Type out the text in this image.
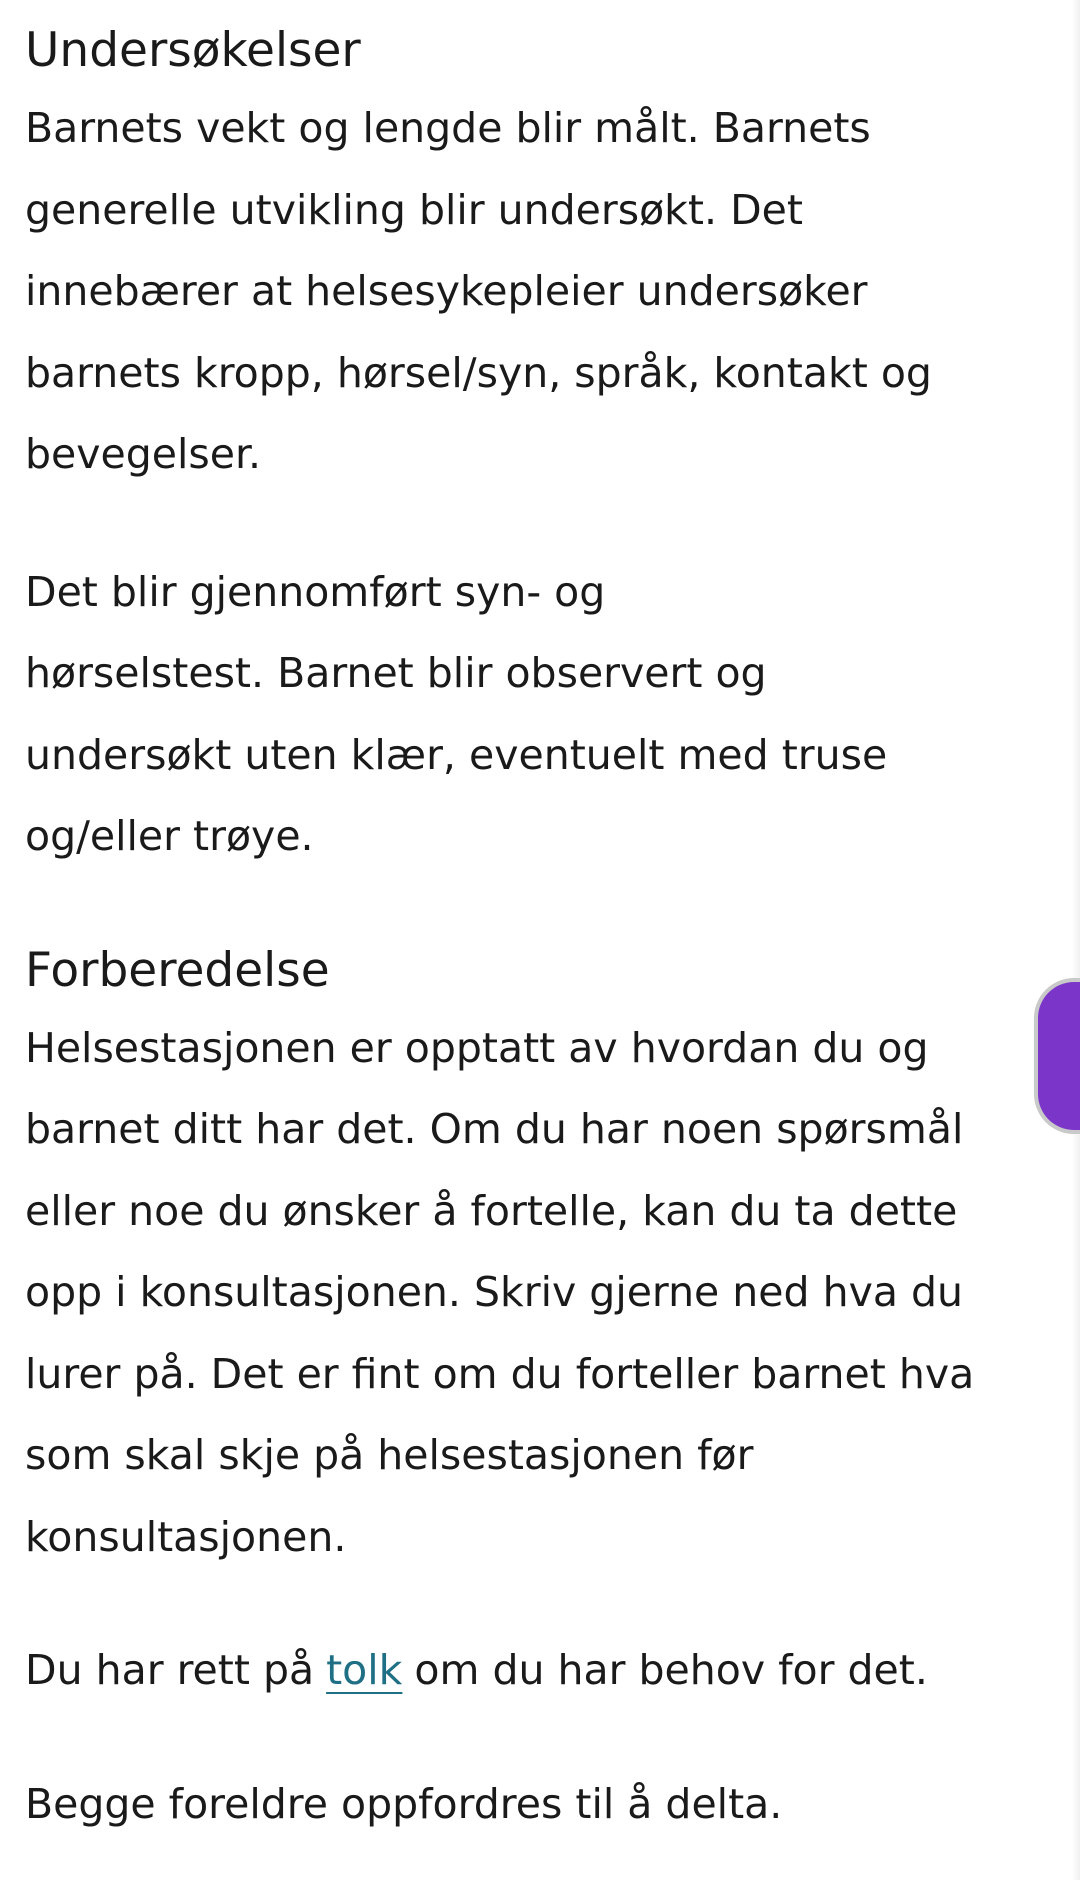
Undersøkelser

Barnets vekt og lengde blir målt. Barnets
generelle utvikling blir undersøkt. Det
innebærer at helsesykepleier undersøker
barnets kropp, hørsel/syn, språk, kontakt og
bevegelser.

Det blir gjennomført syn- og
hørselstest. Barnet blir observert og
undersøkt uten klær, eventuelt med truse
og/eller trøye.

Forberedelse

Helsestasjonen er opptatt av hvordan du og
barnet ditt har det. Om du har noen spørsmål
eller noe du ønsker å fortelle, kan du ta dette
opp i konsultasjonen. Skriv gjerne ned hva du
lurer på. Det er fint om du forteller barnet hva
som skal skje på helsestasjonen før
konsultasjonen.

Du har rett på tolk om du har behov for det.

Begge foreldre oppfordres til å delta.
